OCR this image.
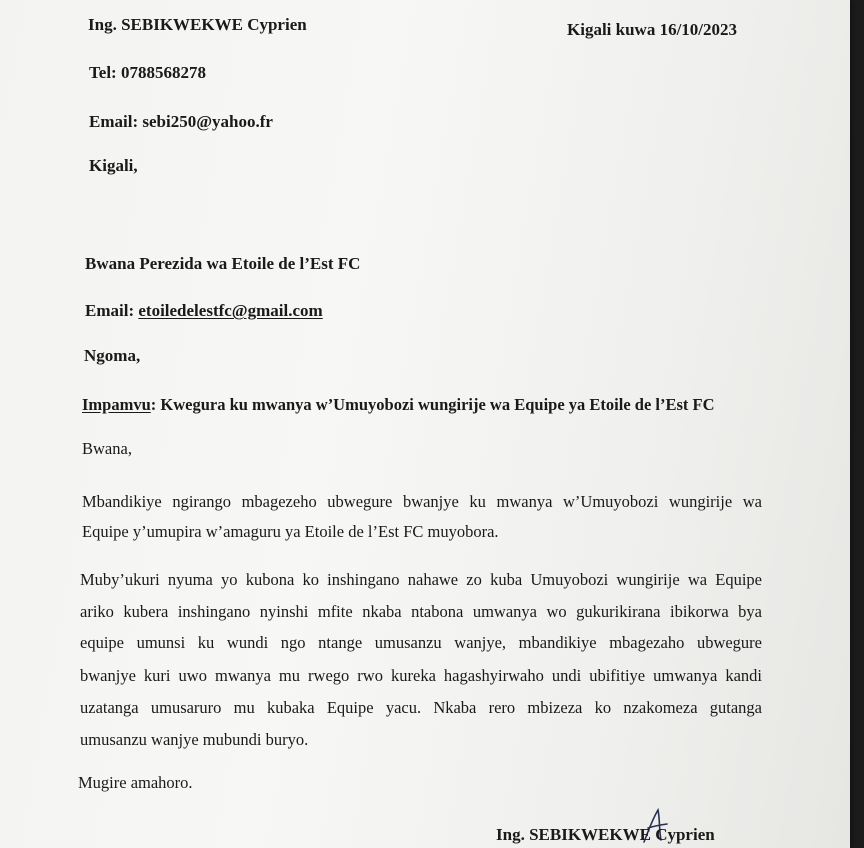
Ing. SEBIKWEKWE Cyprien	Kigali kuwa 16/10/2023
Tel: 0788568278
Email: sebi250@yahoo.fr
Kigali,
Bwana Perezida wa Etoile de l’Est FC
Email: etoiledelestfc@gmail.com
Ngoma,
Impamvu: Kwegura ku mwanya w’Umuyobozi wungirije wa Equipe ya Etoile de l’Est FC
Bwana,
Mbandikiye ngirango mbagezeho ubwegure bwanjye ku mwanya w’Umuyobozi wungirije wa
Equipe y’umupira w’amaguru ya Etoile de l’Est FC muyobora.
Muby’ukuri nyuma yo kubona ko inshingano nahawe zo kuba Umuyobozi wungirije wa Equipe
ariko kubera inshingano nyinshi mfite nkaba ntabona umwanya wo gukurikirana ibikorwa bya
equipe umunsi ku wundi ngo ntange umusanzu wanjye, mbandikiye mbagezaho ubwegure
bwanjye kuri uwo mwanya mu rwego rwo kureka hagashyirwaho undi ubifitiye umwanya kandi
uzatanga umusaruro mu kubaka Equipe yacu. Nkaba rero mbizeza ko nzakomeza gutanga
umusanzu wanjye mubundi buryo.
Mugire amahoro.
Ing. SEBIKWEKWE Cyprien
